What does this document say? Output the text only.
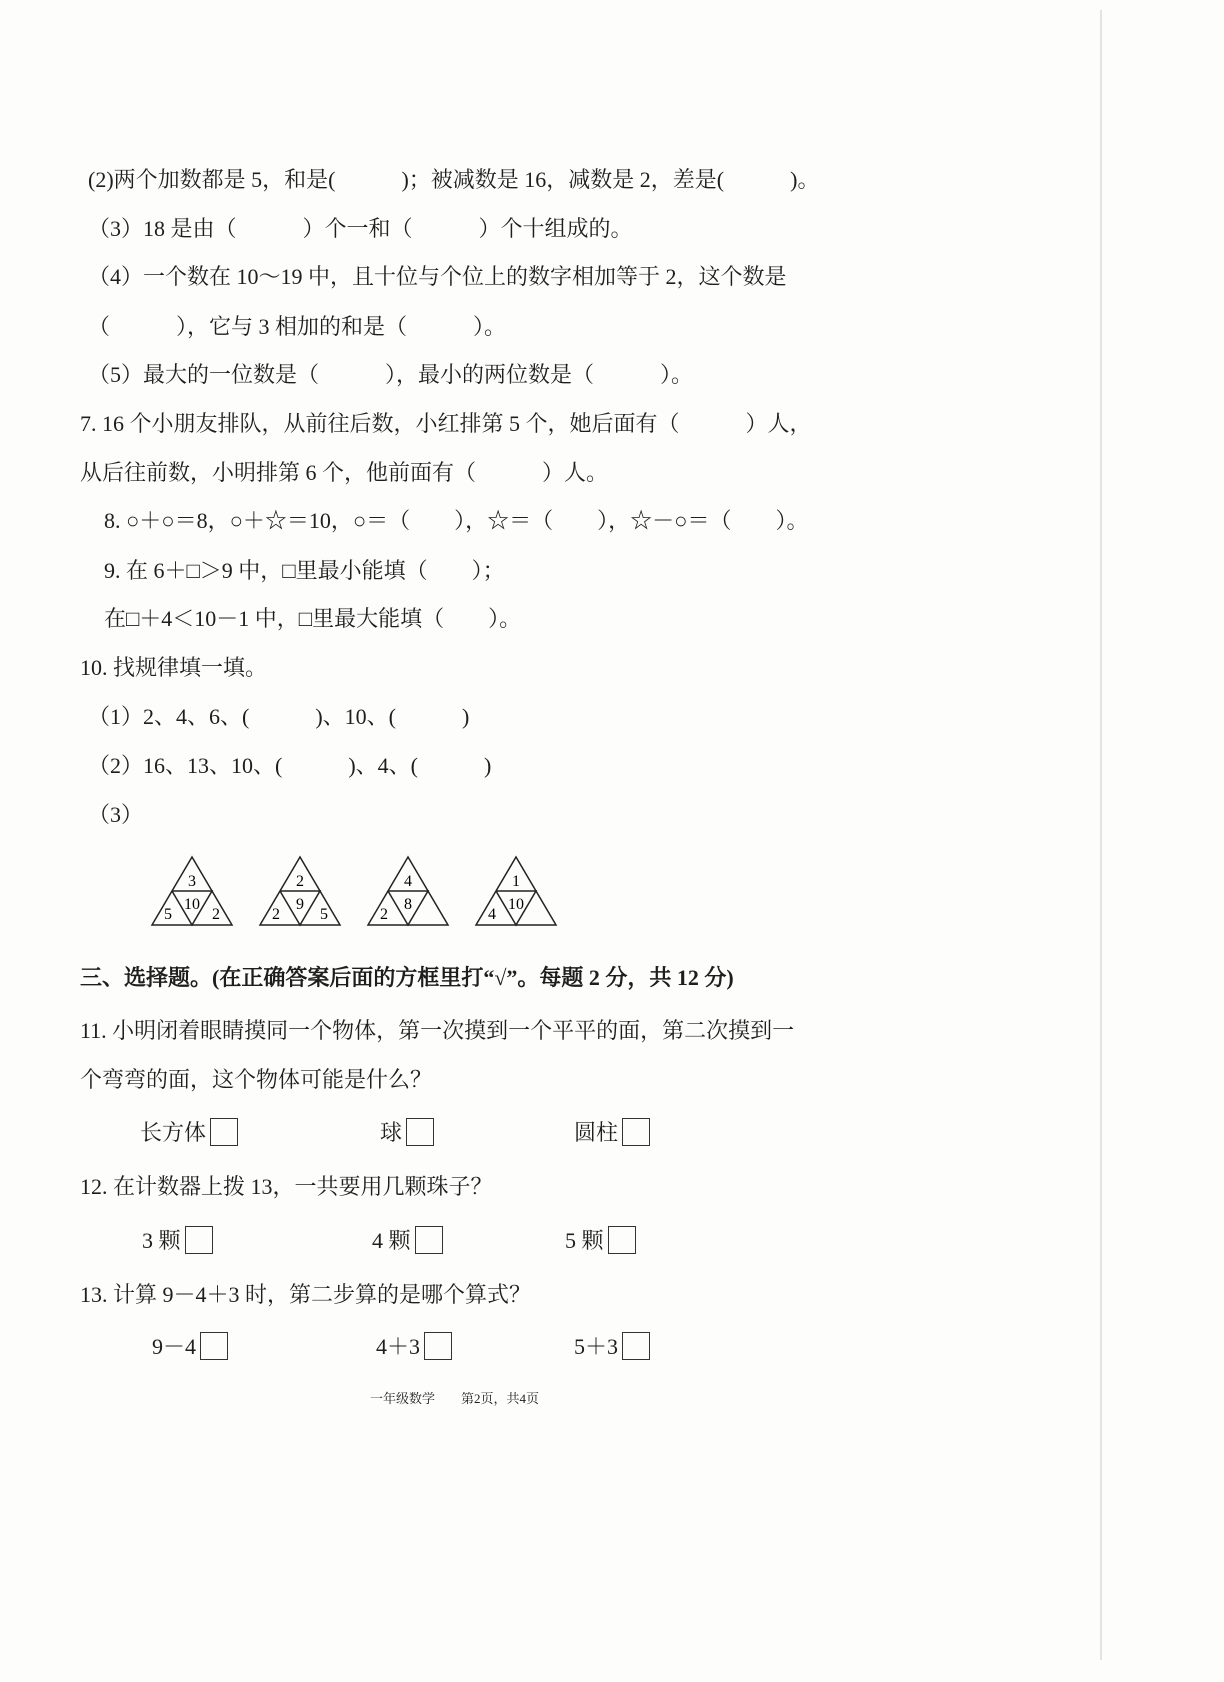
(2)两个加数都是 5，和是(　　　)；被减数是 16，减数是 2，差是(　　　)。
（3）18 是由（　　　）个一和（　　　）个十组成的。
（4）一个数在 10～19 中，且十位与个位上的数字相加等于 2，这个数是
（　　　），它与 3 相加的和是（　　　）。
（5）最大的一位数是（　　　），最小的两位数是（　　　）。
7. 16 个小朋友排队，从前往后数，小红排第 5 个，她后面有（　　　）人，
从后往前数，小明排第 6 个，他前面有（　　　）人。
8. ○＋○＝8，○＋☆＝10，○＝（　　），☆＝（　　），☆－○＝（　　）。
9. 在 6＋□＞9 中，□里最小能填（　　）；
在□＋4＜10－1 中，□里最大能填（　　）。
10. 找规律填一填。
（1）2、4、6、(　　　)、10、(　　　)
（2）16、13、10、(　　　)、4、(　　　)
（3）
3
5
10
2
2
2
9
5
4
2
8
1
4
10
三、选择题。(在正确答案后面的方框里打“√”。每题 2 分，共 12 分)
11. 小明闭着眼睛摸同一个物体，第一次摸到一个平平的面，第二次摸到一
个弯弯的面，这个物体可能是什么？
长方体	球	圆柱
12. 在计数器上拨 13，一共要用几颗珠子？
3 颗	4 颗	5 颗
13. 计算 9－4＋3 时，第二步算的是哪个算式？
9－4	4＋3	5＋3
一年级数学　　第2页，共4页
